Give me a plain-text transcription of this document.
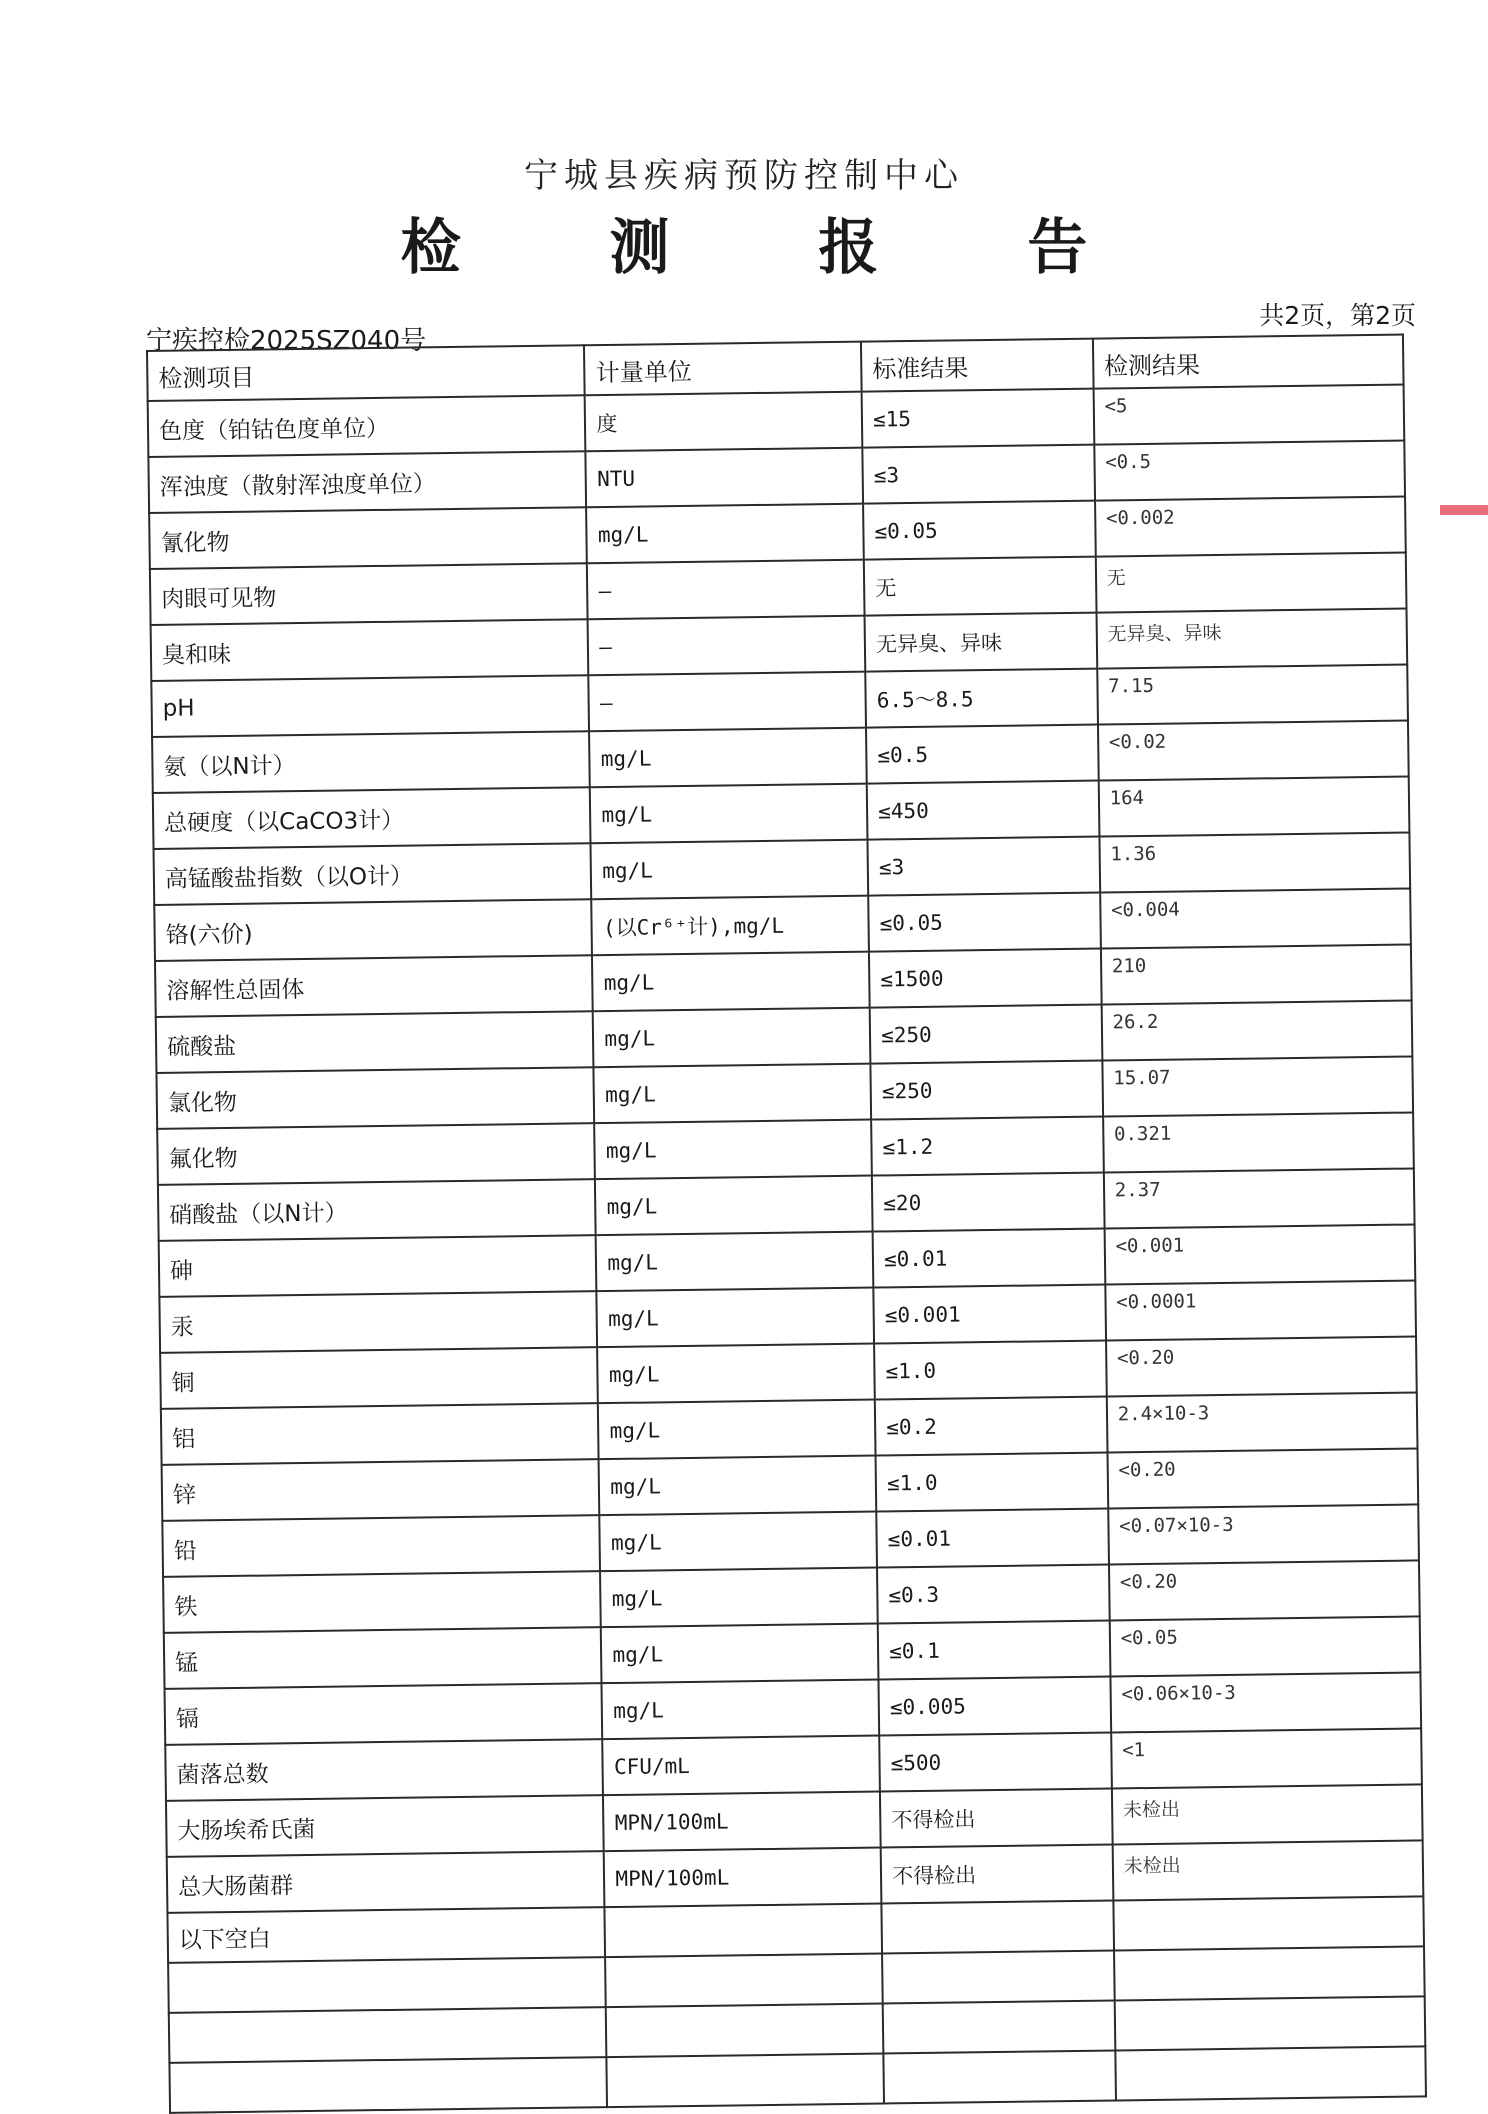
宁城县疾病预防控制中心
检 测 报 告
共2页，第2页
宁疾控检2025SZ040号
检测项目	计量单位	标准结果	检测结果
色度（铂钴色度单位）	度	≤15	<5
浑浊度（散射浑浊度单位）	NTU	≤3	<0.5
氰化物	mg/L	≤0.05	<0.002
肉眼可见物	—	无	无
臭和味	—	无异臭、异味	无异臭、异味
pH	—	6.5～8.5	7.15
氨（以N计）	mg/L	≤0.5	<0.02
总硬度（以CaCO3计）	mg/L	≤450	164
高锰酸盐指数（以O计）	mg/L	≤3	1.36
铬(六价)	(以Cr⁶⁺计),mg/L	≤0.05	<0.004
溶解性总固体	mg/L	≤1500	210
硫酸盐	mg/L	≤250	26.2
氯化物	mg/L	≤250	15.07
氟化物	mg/L	≤1.2	0.321
硝酸盐（以N计）	mg/L	≤20	2.37
砷	mg/L	≤0.01	<0.001
汞	mg/L	≤0.001	<0.0001
铜	mg/L	≤1.0	<0.20
铝	mg/L	≤0.2	2.4×10-3
锌	mg/L	≤1.0	<0.20
铅	mg/L	≤0.01	<0.07×10-3
铁	mg/L	≤0.3	<0.20
锰	mg/L	≤0.1	<0.05
镉	mg/L	≤0.005	<0.06×10-3
菌落总数	CFU/mL	≤500	<1
大肠埃希氏菌	MPN/100mL	不得检出	未检出
总大肠菌群	MPN/100mL	不得检出	未检出
以下空白			
